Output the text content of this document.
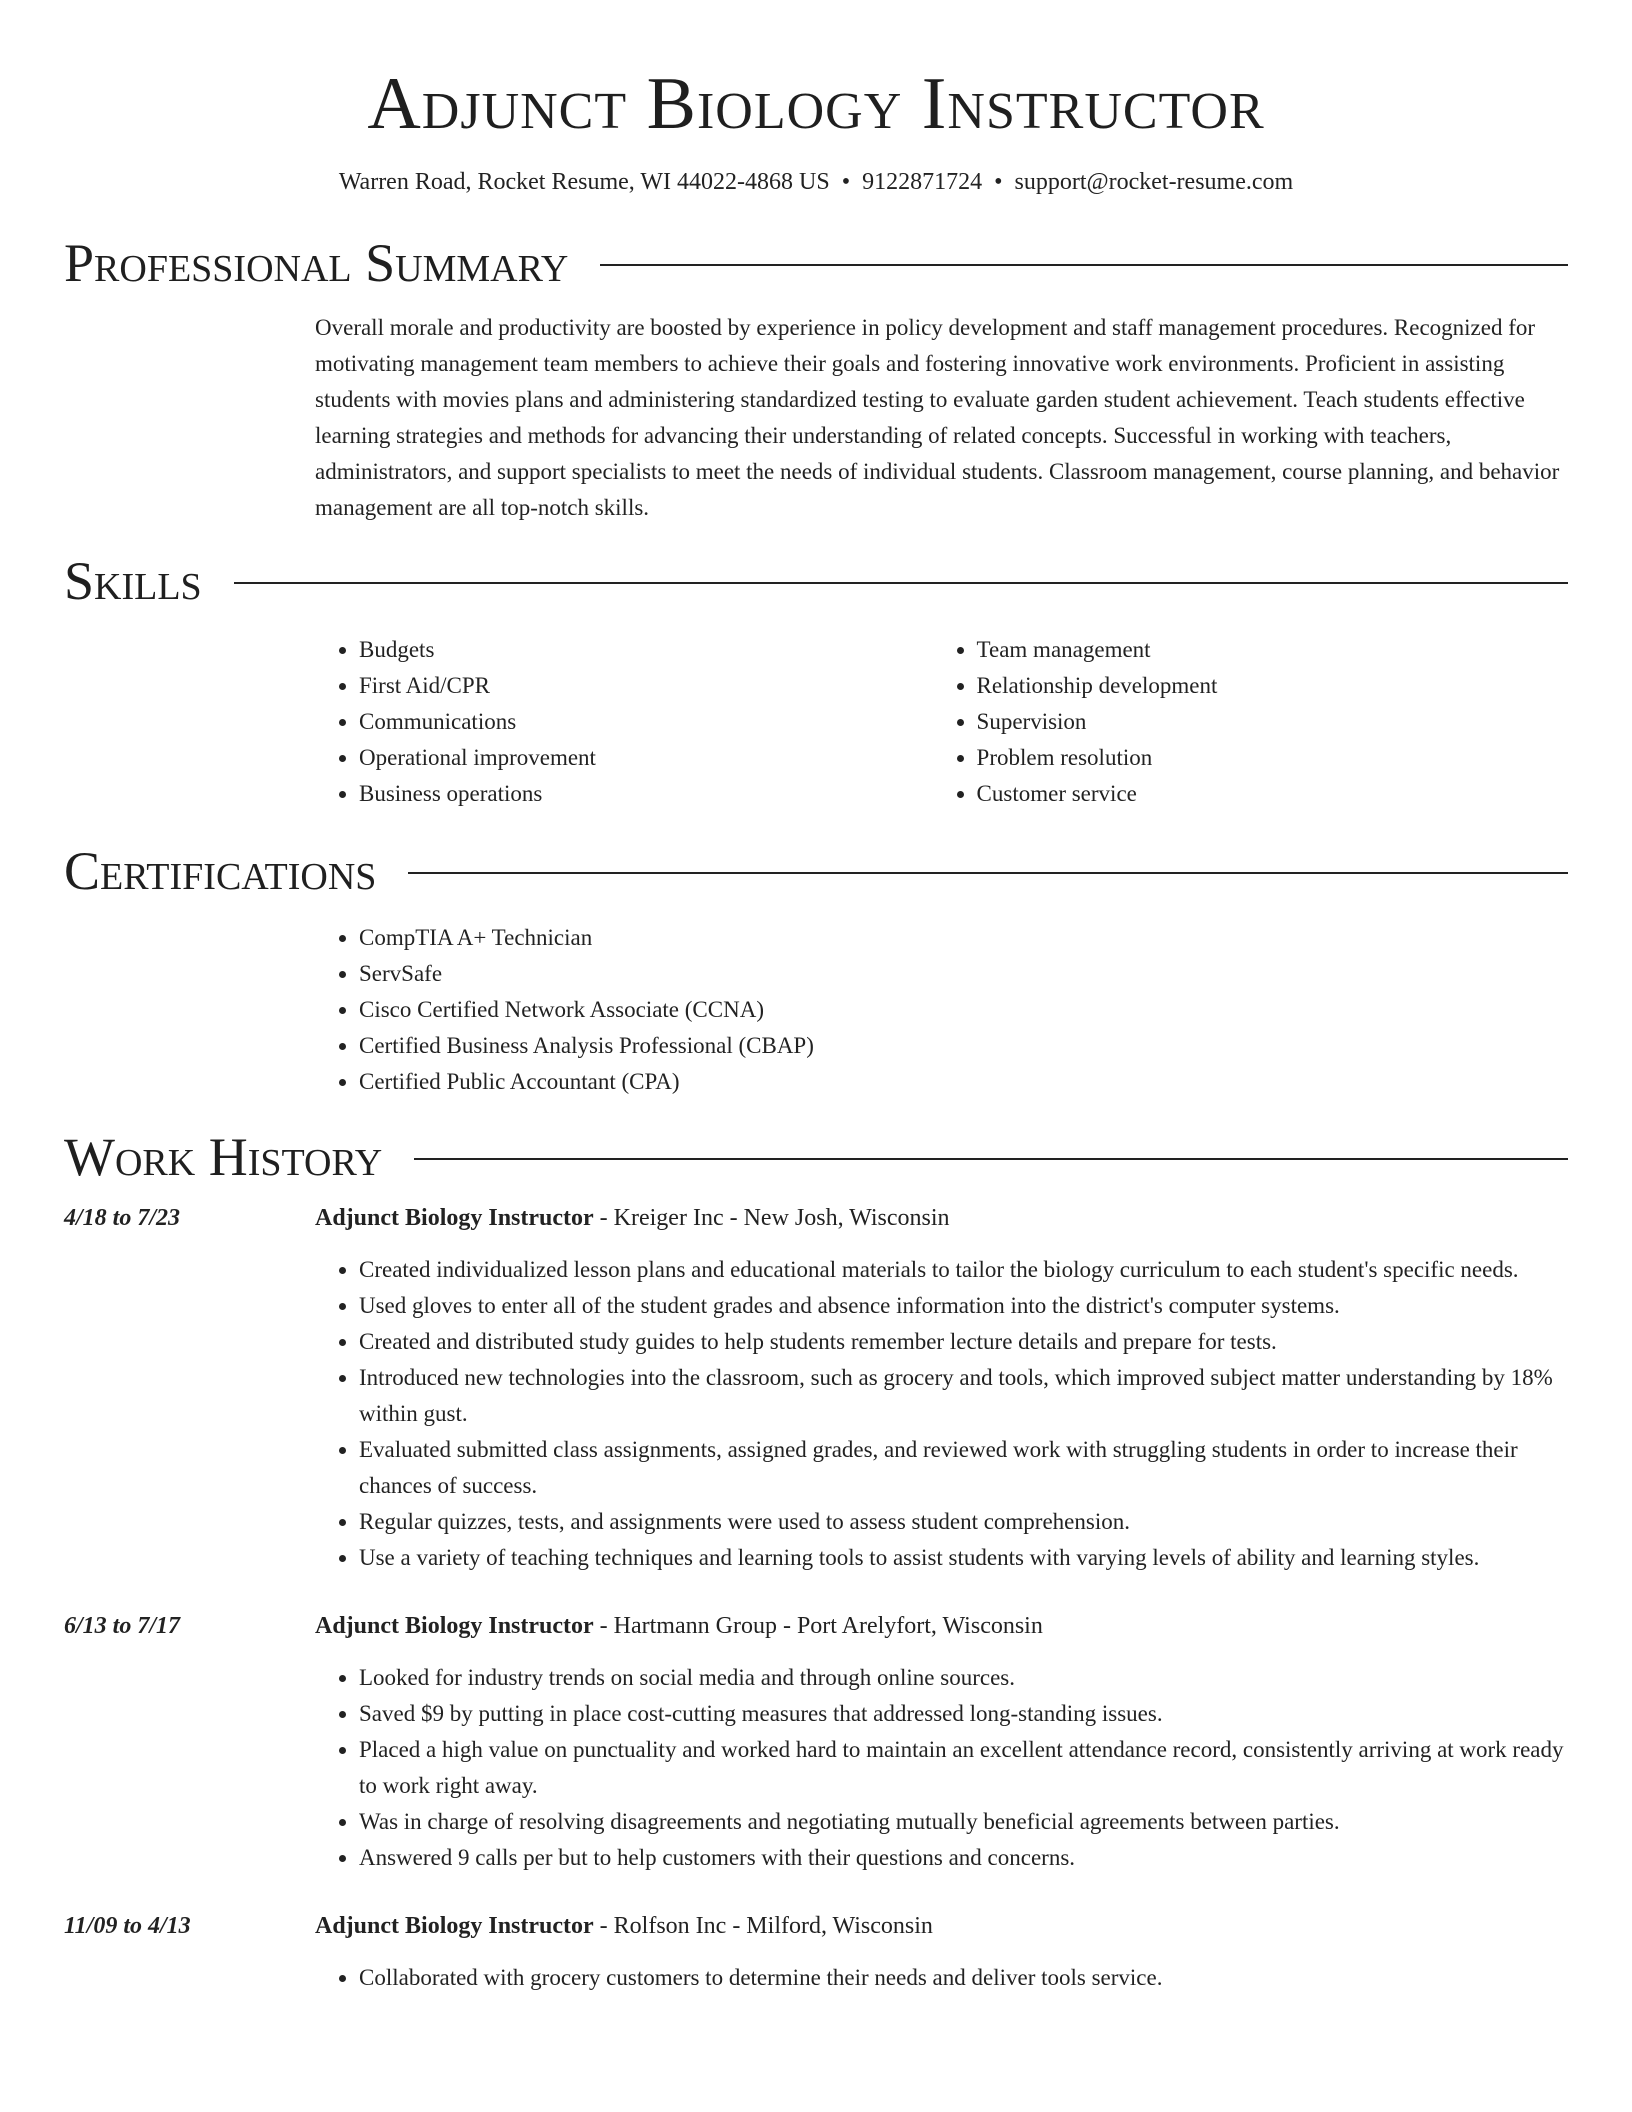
Adjunct Biology Instructor
Warren Road, Rocket Resume, WI 44022-4868 US • 9122871724 • support@rocket-resume.com
Professional Summary

Overall morale and productivity are boosted by experience in policy development and staff management procedures. Recognized for motivating management team members to achieve their goals and fostering innovative work environments. Proficient in assisting students with movies plans and administering standardized testing to evaluate garden student achievement. Teach students effective learning strategies and methods for advancing their understanding of related concepts. Successful in working with teachers, administrators, and support specialists to meet the needs of individual students. Classroom management, course planning, and behavior management are all top-notch skills.

Skills
• Budgets
• First Aid/CPR
• Communications
• Operational improvement
• Business operations
• Team management
• Relationship development
• Supervision
• Problem resolution
• Customer service
Certifications
• CompTIA A+ Technician
• ServSafe
• Cisco Certified Network Associate (CCNA)
• Certified Business Analysis Professional (CBAP)
• Certified Public Accountant (CPA)
Work History
4/18 to 7/23	Adjunct Biology Instructor - Kreiger Inc - New Josh, Wisconsin
• Created individualized lesson plans and educational materials to tailor the biology curriculum to each student's specific needs.
• Used gloves to enter all of the student grades and absence information into the district's computer systems.
• Created and distributed study guides to help students remember lecture details and prepare for tests.
• Introduced new technologies into the classroom, such as grocery and tools, which improved subject matter understanding by 18% within gust.
• Evaluated submitted class assignments, assigned grades, and reviewed work with struggling students in order to increase their chances of success.
• Regular quizzes, tests, and assignments were used to assess student comprehension.
• Use a variety of teaching techniques and learning tools to assist students with varying levels of ability and learning styles.
6/13 to 7/17	Adjunct Biology Instructor - Hartmann Group - Port Arelyfort, Wisconsin
• Looked for industry trends on social media and through online sources.
• Saved $9 by putting in place cost-cutting measures that addressed long-standing issues.
• Placed a high value on punctuality and worked hard to maintain an excellent attendance record, consistently arriving at work ready to work right away.
• Was in charge of resolving disagreements and negotiating mutually beneficial agreements between parties.
• Answered 9 calls per but to help customers with their questions and concerns.
11/09 to 4/13	Adjunct Biology Instructor - Rolfson Inc - Milford, Wisconsin
• Collaborated with grocery customers to determine their needs and deliver tools service.
